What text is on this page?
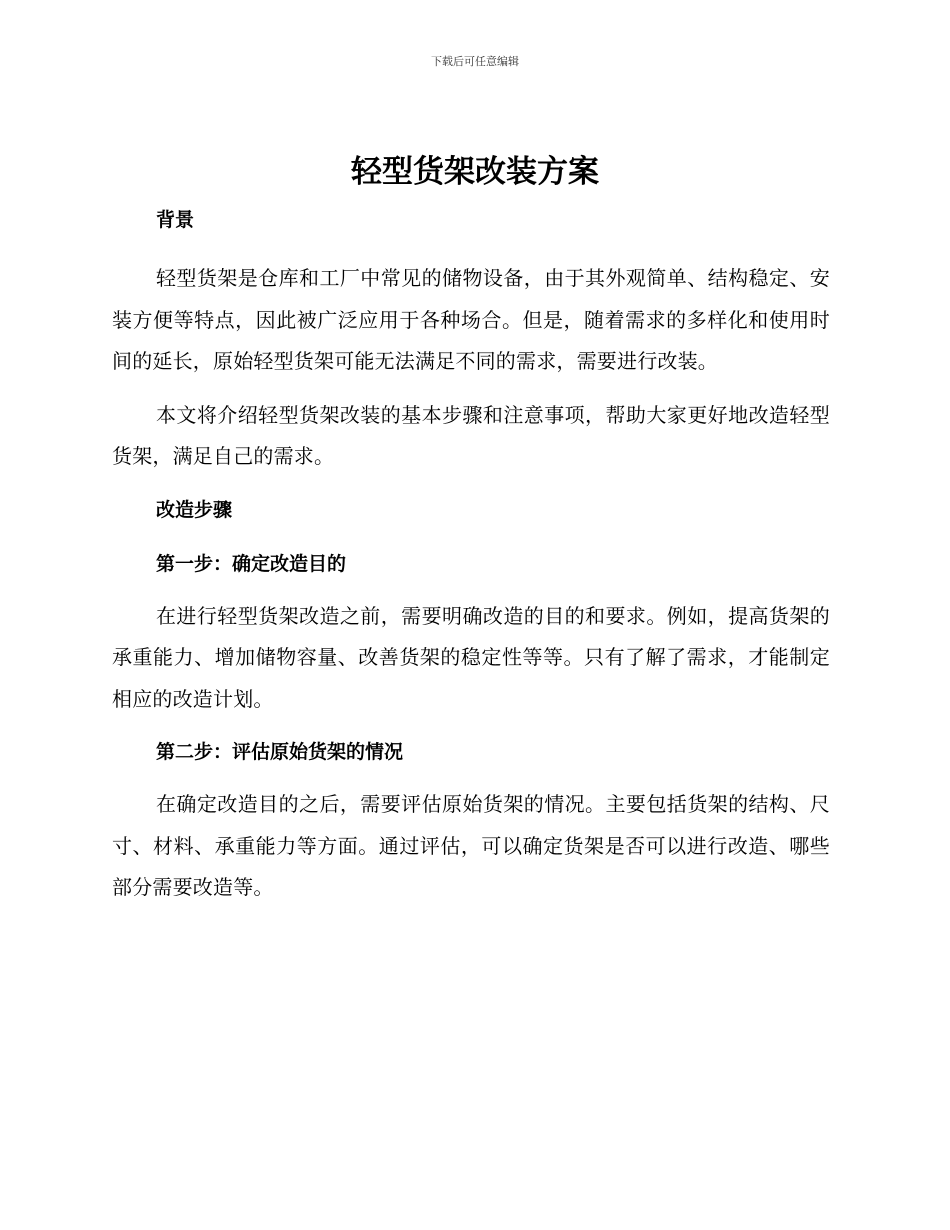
下载后可任意编辑
轻型货架改装方案
背景

轻型货架是仓库和工厂中常见的储物设备，由于其外观简单、结构稳定、安装方便等特点，因此被广泛应用于各种场合。但是，随着需求的多样化和使用时间的延长，原始轻型货架可能无法满足不同的需求，需要进行改装。

本文将介绍轻型货架改装的基本步骤和注意事项，帮助大家更好地改造轻型货架，满足自己的需求。

改造步骤
第一步：确定改造目的

在进行轻型货架改造之前，需要明确改造的目的和要求。例如，提高货架的承重能力、增加储物容量、改善货架的稳定性等等。只有了解了需求，才能制定相应的改造计划。

第二步：评估原始货架的情况

在确定改造目的之后，需要评估原始货架的情况。主要包括货架的结构、尺寸、材料、承重能力等方面。通过评估，可以确定货架是否可以进行改造、哪些部分需要改造等。
